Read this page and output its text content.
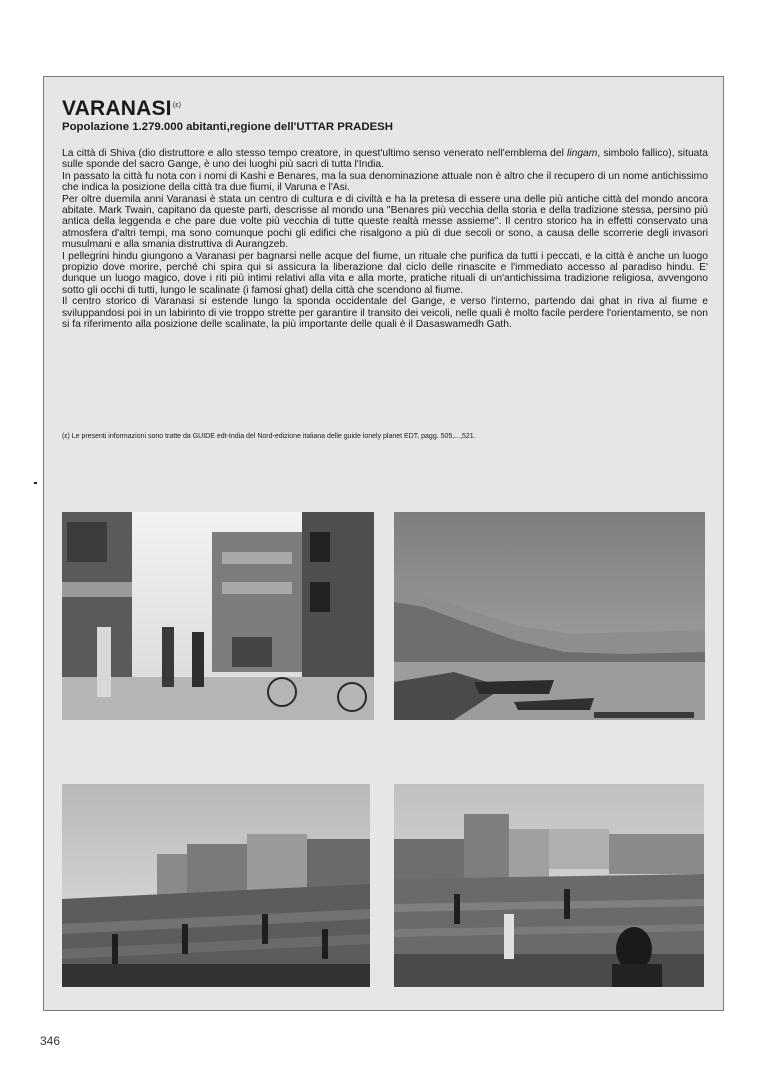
$VARANASI^{(\varepsilon)}$

Popolazione 1.279.000 abitanti,regione dell'UTTAR PRADESH

La città di Shiva (dio distruttore e allo stesso tempo creatore, in quest'ultimo senso venerato nell'emblema del lingam, simbolo fallico), situata sulle sponde del sacro Gange, è uno dei luoghi più sacri di tutta l'India.
In passato la città fu nota con i nomi di Kashi e Benares, ma la sua denominazione attuale non è altro che il recupero di un nome antichissimo che indica la posizione della città tra due fiumi, il Varuna e l'Asi.
Per oltre duemila anni Varanasi è stata un centro di cultura e di civiltà e ha la pretesa di essere una delle più antiche città del mondo ancora abitate. Mark Twain, capitano da queste parti, descrisse al mondo una "Benares più vecchia della storia e della tradizione stessa, persino più antica della leggenda e che pare due volte più vecchia di tutte queste realtà messe assieme". Il centro storico ha in effetti conservato una atmosfera d'altri tempi, ma sono comunque pochi gli edifici che risalgono a più di due secoli or sono, a causa delle scorrerie degli invasori musulmani e alla smania distruttiva di Aurangzeb.
I pellegrini hindu giungono a Varanasi per bagnarsi nelle acque del fiume, un rituale che purifica da tutti i peccati, e la città è anche un luogo propizio dove morire, perché chi spira qui si assicura la liberazione dal ciclo delle rinascite e l'immediato accesso al paradiso hindu. E' dunque un luogo magico, dove i riti più intimi relativi alla vita e alla morte, pratiche rituali di un'antichissima tradizione religiosa, avvengono sotto gli occhi di tutti, lungo le scalinate (i famosi ghat) della città che scendono al fiume.
Il centro storico di Varanasi si estende lungo la sponda occidentale del Gange, e verso l'interno, partendo dai ghat in riva al fiume e sviluppandosi poi in un labirinto di vie troppo strette per garantire il transito dei veicoli, nelle quali è molto facile perdere l'orientamento, se non si fa riferimento alla posizione delle scalinate, la più importante delle quali è il Dasaswamedh Gath.

(ε) Le presenti informazioni sono tratte da GUIDE edt-India del Nord-edizione italiana delle guide lonely planet EDT, pagg. 505,...,521.

346
